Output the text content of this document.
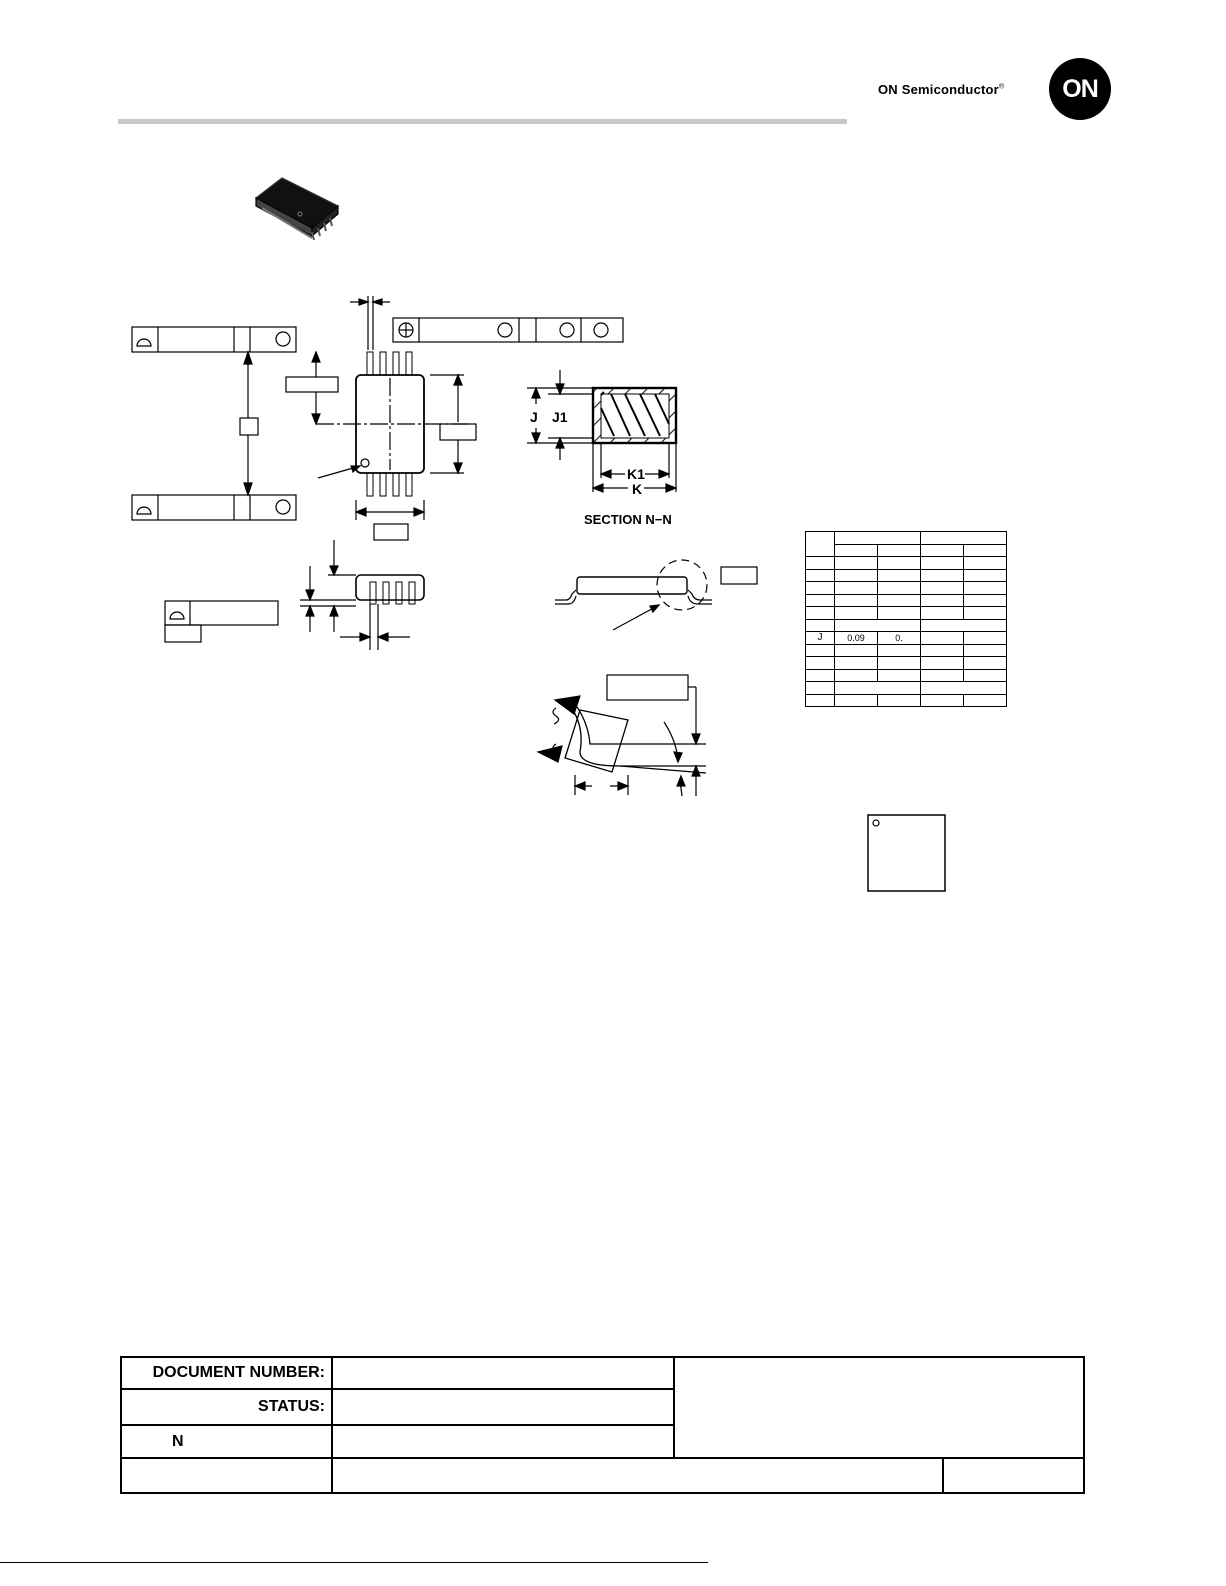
ON Semiconductor®	ON
J J1
K1
K
SECTION N−N

J	0.09	0.		

DOCUMENT NUMBER:			
STATUS:			
N			
